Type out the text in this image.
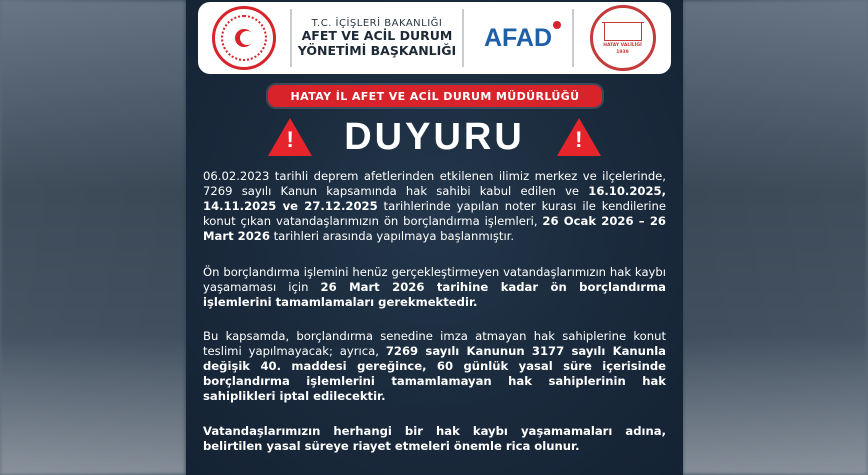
T.C. İÇİŞLERİ BAKANLIĞI
AFET VE ACİL DURUM
YÖNETİMİ BAŞKANLIĞI AFAD	HATAY VALİLİĞİ
1939
HATAY İL AFET VE ACİL DURUM MÜDÜRLÜĞÜ
! DUYURU !
06.02.2023 tarihli deprem afetlerinden etkilenen ilimiz merkez ve ilçelerinde, 7269 sayılı Kanun kapsamında hak sahibi kabul edilen ve 16.10.2025, 14.11.2025 ve 27.12.2025 tarihlerinde yapılan noter kurası ile kendilerine konut çıkan vatandaşlarımızın ön borçlandırma işlemleri, 26 Ocak 2026 – 26 Mart 2026 tarihleri arasında yapılmaya başlanmıştır.
Ön borçlandırma işlemini henüz gerçekleştirmeyen vatandaşlarımızın hak kaybı yaşamaması için 26 Mart 2026 tarihine kadar ön borçlandırma işlemlerini tamamlamaları gerekmektedir.
Bu kapsamda, borçlandırma senedine imza atmayan hak sahiplerine konut teslimi yapılmayacak; ayrıca, 7269 sayılı Kanunun 3177 sayılı Kanunla değişik 40. maddesi gereğince, 60 günlük yasal süre içerisinde borçlandırma işlemlerini tamamlamayan hak sahiplerinin hak sahiplikleri iptal edilecektir.
Vatandaşlarımızın herhangi bir hak kaybı yaşamamaları adına, belirtilen yasal süreye riayet etmeleri önemle rica olunur.
